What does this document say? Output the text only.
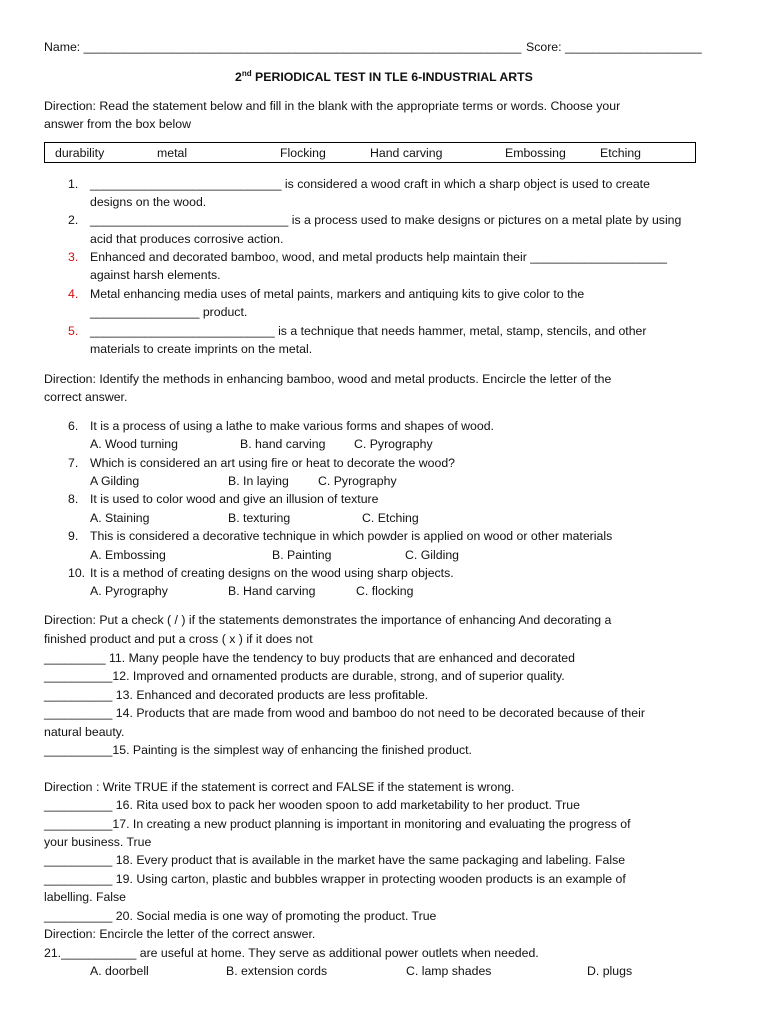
Name: ________________________________________________________________ Score: ____________________
2nd PERIODICAL TEST IN TLE 6-INDUSTRIAL ARTS
Direction: Read the statement below and fill in the blank with the appropriate terms or words. Choose your
answer from the box below
durability	metal	Flocking	Hand carving	Embossing	Etching
1. ____________________________ is considered a wood craft in which a sharp object is used to create
designs on the wood.
2. _____________________________ is a process used to make designs or pictures on a metal plate by using
acid that produces corrosive action.
3. Enhanced and decorated bamboo, wood, and metal products help maintain their ____________________
against harsh elements.
4. Metal enhancing media uses of metal paints, markers and antiquing kits to give color to the
________________ product.
5. ___________________________ is a technique that needs hammer, metal, stamp, stencils, and other
materials to create imprints on the metal.
Direction: Identify the methods in enhancing bamboo, wood and metal products. Encircle the letter of the
correct answer.
6. It is a process of using a lathe to make various forms and shapes of wood.
A. Wood turning	B. hand carving C. Pyrography
7. Which is considered an art using fire or heat to decorate the wood?
A Gilding	B. In laying C. Pyrography
8. It is used to color wood and give an illusion of texture
A. Staining	B. texturing	C. Etching
9. This is considered a decorative technique in which powder is applied on wood or other materials
A. Embossing	B. Painting	C. Gilding
10. It is a method of creating designs on the wood using sharp objects.
A. Pyrography	B. Hand carving	C. flocking
Direction: Put a check ( / ) if the statements demonstrates the importance of enhancing And decorating a
finished product and put a cross ( x ) if it does not
_________ 11. Many people have the tendency to buy products that are enhanced and decorated
__________12. Improved and ornamented products are durable, strong, and of superior quality.
__________ 13. Enhanced and decorated products are less profitable.
__________ 14. Products that are made from wood and bamboo do not need to be decorated because of their
natural beauty.
__________15. Painting is the simplest way of enhancing the finished product.
Direction : Write TRUE if the statement is correct and FALSE if the statement is wrong.
__________ 16. Rita used box to pack her wooden spoon to add marketability to her product. True
__________17. In creating a new product planning is important in monitoring and evaluating the progress of
your business. True
__________ 18. Every product that is available in the market have the same packaging and labeling. False
__________ 19. Using carton, plastic and bubbles wrapper in protecting wooden products is an example of
labelling. False
__________ 20. Social media is one way of promoting the product. True
Direction: Encircle the letter of the correct answer.
21.___________ are useful at home. They serve as additional power outlets when needed.
A. doorbell	B. extension cords	C. lamp shades	D. plugs
